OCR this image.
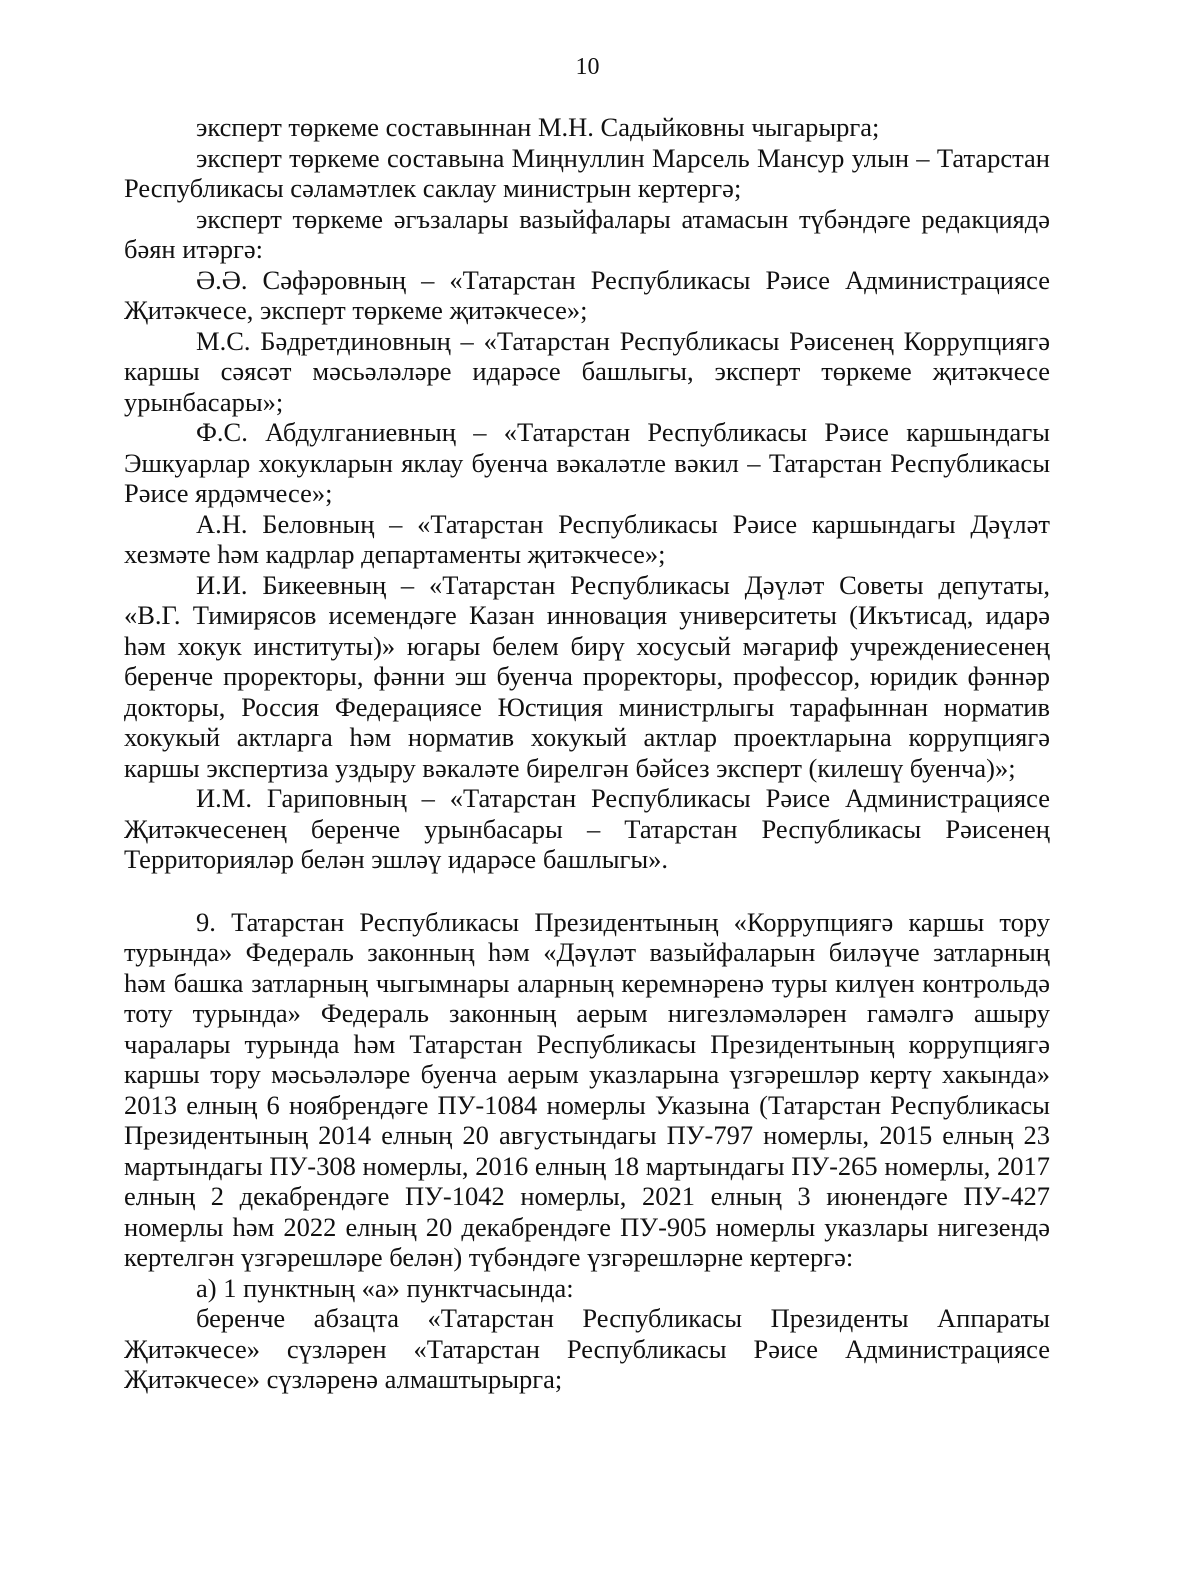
10

эксперт төркеме составыннан М.Н. Садыйковны чыгарырга;

эксперт төркеме составына Миңнуллин Марсель Мансур улын – Татарстан Республикасы сәламәтлек саклау министрын кертергә;

эксперт төркеме әгъзалары вазыйфалары атамасын түбәндәге редакциядә бәян итәргә:

Ә.Ә. Сәфәровның – «Татарстан Республикасы Рәисе Администрациясе Җитәкчесе, эксперт төркеме җитәкчесе»;

М.С. Бәдретдиновның – «Татарстан Республикасы Рәисенең Коррупциягә каршы сәясәт мәсьәләләре идарәсе башлыгы, эксперт төркеме җитәкчесе урынбасары»;

Ф.С. Абдулганиевның – «Татарстан Республикасы Рәисе каршындагы Эшкуарлар хокукларын яклау буенча вәкаләтле вәкил – Татарстан Республикасы Рәисе ярдәмчесе»;

А.Н. Беловның – «Татарстан Республикасы Рәисе каршындагы Дәүләт хезмәте һәм кадрлар департаменты җитәкчесе»;

И.И. Бикеевның – «Татарстан Республикасы Дәүләт Советы депутаты, «В.Г. Тимирясов исемендәге Казан инновация университеты (Икътисад, идарә һәм хокук институты)» югары белем бирү хосусый мәгариф учреждениесенең беренче проректоры, фәнни эш буенча проректоры, профессор, юридик фәннәр докторы, Россия Федерациясе Юстиция министрлыгы тарафыннан норматив хокукый актларга һәм норматив хокукый актлар проектларына коррупциягә каршы экспертиза уздыру вәкаләте бирелгән бәйсез эксперт (килешү буенча)»;

И.М. Гариповның – «Татарстан Республикасы Рәисе Администрациясе Җитәкчесенең беренче урынбасары – Татарстан Республикасы Рәисенең Территорияләр белән эшләү идарәсе башлыгы».

9. Татарстан Республикасы Президентының «Коррупциягә каршы тору турында» Федераль законның һәм «Дәүләт вазыйфаларын биләүче затларның һәм башка затларның чыгымнары аларның керемнәренә туры килүен контрольдә тоту турында» Федераль законның аерым нигезләмәләрен гамәлгә ашыру чаралары турында һәм Татарстан Республикасы Президентының коррупциягә каршы тору мәсьәләләре буенча аерым указларына үзгәрешләр кертү хакында» 2013 елның 6 ноябрендәге ПУ-1084 номерлы Указына (Татарстан Республикасы Президентының 2014 елның 20 августындагы ПУ-797 номерлы, 2015 елның 23 мартындагы ПУ-308 номерлы, 2016 елның 18 мартындагы ПУ-265 номерлы, 2017 елның 2 декабрендәге ПУ-1042 номерлы, 2021 елның 3 июнендәге ПУ-427 номерлы һәм 2022 елның 20 декабрендәге ПУ-905 номерлы указлары нигезендә кертелгән үзгәрешләре белән) түбәндәге үзгәрешләрне кертергә:

а) 1 пунктның «а» пунктчасында:

беренче абзацта «Татарстан Республикасы Президенты Аппараты Җитәкчесе» сүзләрен «Татарстан Республикасы Рәисе Администрациясе Җитәкчесе» сүзләренә алмаштырырга;
